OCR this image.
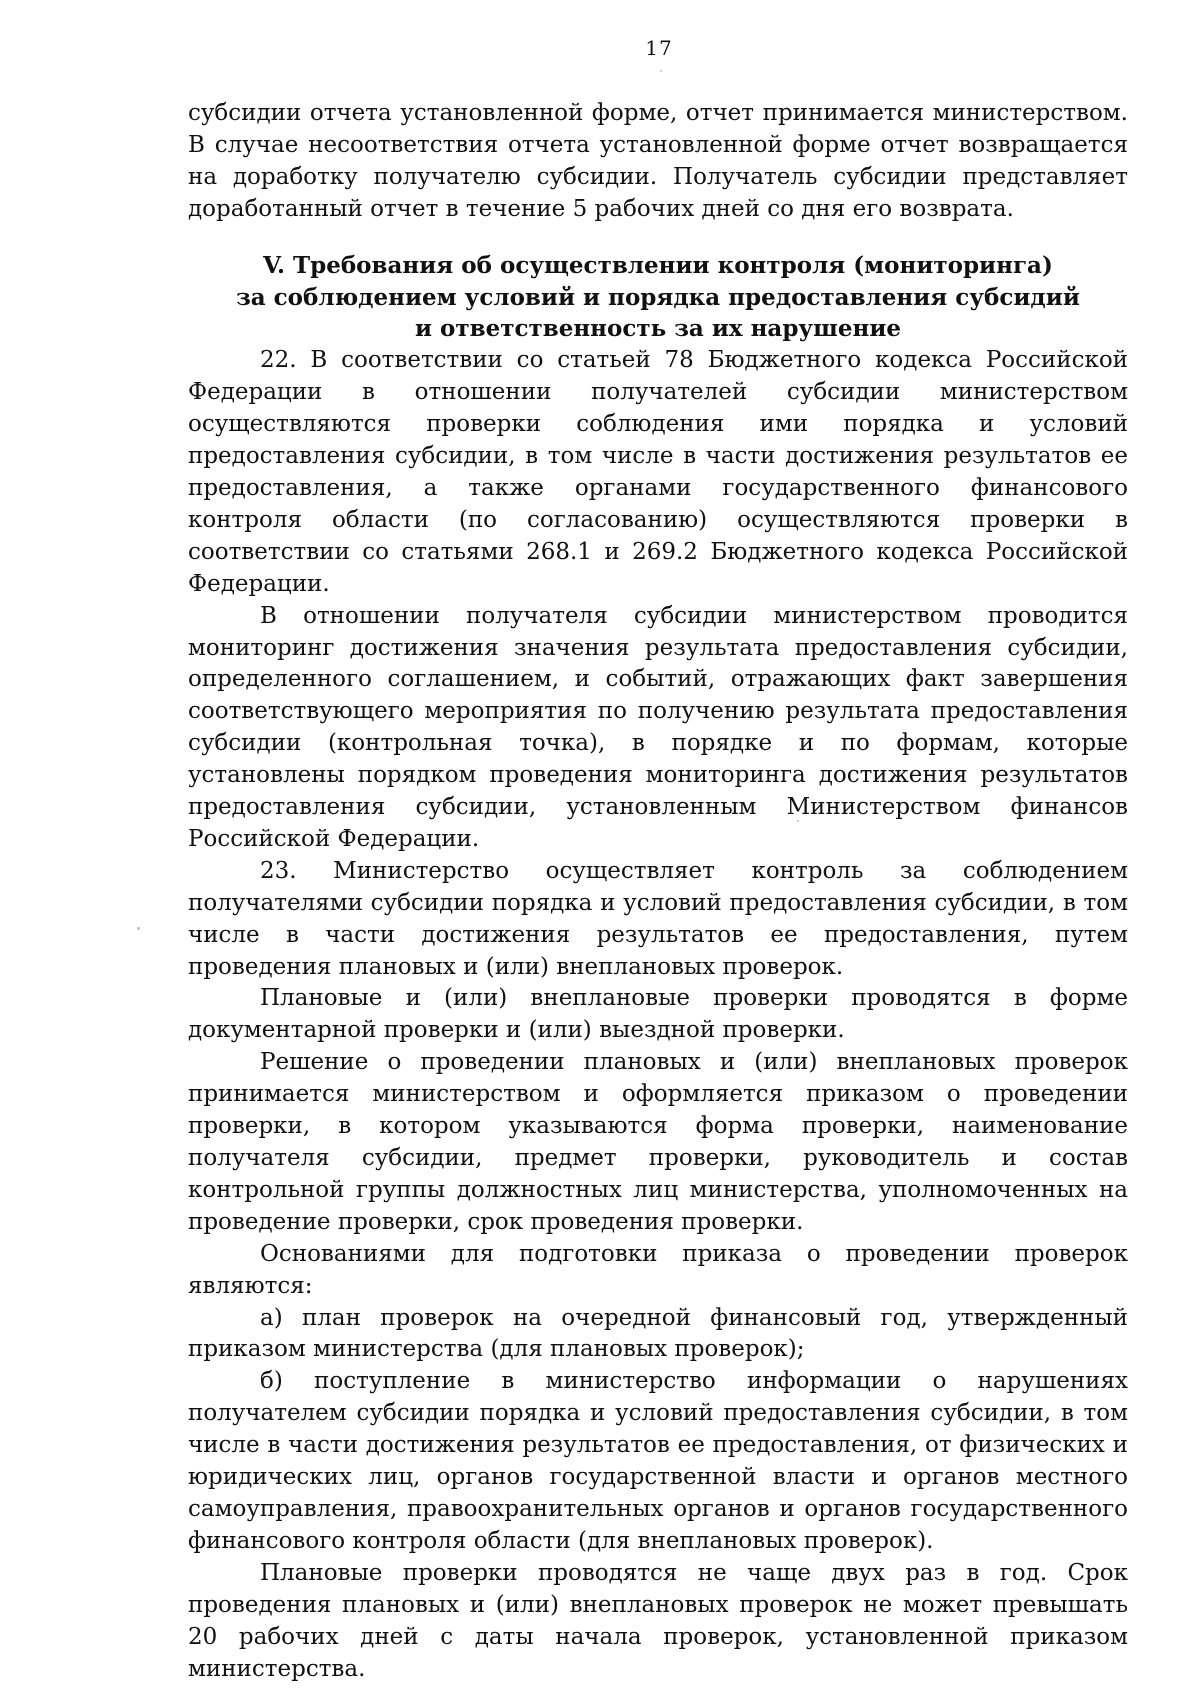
17

субсидии отчета установленной форме, отчет принимается министерством. В случае несоответствия отчета установленной форме отчет возвращается на доработку получателю субсидии. Получатель субсидии представляет доработанный отчет в течение 5 рабочих дней со дня его возврата.

V. Требования об осуществлении контроля (мониторинга)
за соблюдением условий и порядка предоставления субсидий
и ответственность за их нарушение

22. В соответствии со статьей 78 Бюджетного кодекса Российской Федерации в отношении получателей субсидии министерством осуществляются проверки соблюдения ими порядка и условий предоставления субсидии, в том числе в части достижения результатов ее предоставления, а также органами государственного финансового контроля области (по согласованию) осуществляются проверки в соответствии со статьями 268.1 и 269.2 Бюджетного кодекса Российской Федерации.

В отношении получателя субсидии министерством проводится мониторинг достижения значения результата предоставления субсидии, определенного соглашением, и событий, отражающих факт завершения соответствующего мероприятия по получению результата предоставления субсидии (контрольная точка), в порядке и по формам, которые установлены порядком проведения мониторинга достижения результатов предоставления субсидии, установленным Министерством финансов Российской Федерации.

23. Министерство осуществляет контроль за соблюдением получателями субсидии порядка и условий предоставления субсидии, в том числе в части достижения результатов ее предоставления, путем проведения плановых и (или) внеплановых проверок.

Плановые и (или) внеплановые проверки проводятся в форме документарной проверки и (или) выездной проверки.

Решение о проведении плановых и (или) внеплановых проверок принимается министерством и оформляется приказом о проведении проверки, в котором указываются форма проверки, наименование получателя субсидии, предмет проверки, руководитель и состав контрольной группы должностных лиц министерства, уполномоченных на проведение проверки, срок проведения проверки.

Основаниями для подготовки приказа о проведении проверок являются:

а) план проверок на очередной финансовый год, утвержденный приказом министерства (для плановых проверок);

б) поступление в министерство информации о нарушениях получателем субсидии порядка и условий предоставления субсидии, в том числе в части достижения результатов ее предоставления, от физических и юридических лиц, органов государственной власти и органов местного самоуправления, правоохранительных органов и органов государственного финансового контроля области (для внеплановых проверок).

Плановые проверки проводятся не чаще двух раз в год. Срок проведения плановых и (или) внеплановых проверок не может превышать 20 рабочих дней с даты начала проверок, установленной приказом министерства.
